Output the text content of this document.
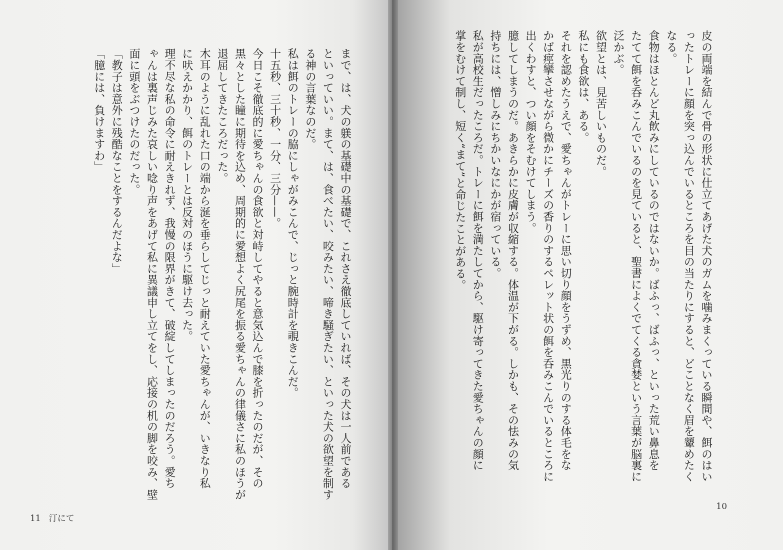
まで、は、犬の躾の基礎中の基礎で、これさえ徹底していれば、その犬は一人前である
といっていい。まて、は、食べたい、咬みたい、啼き騒ぎたい、といった犬の欲望を制す
る神の言葉なのだ。
私は餌のトレーの脇にしゃがみこんで、じっと腕時計を覗きこんだ。
十五秒、三十秒、一分、三分——。
今日こそ徹底的に愛ちゃんの食欲と対峙してやると意気込んで膝を折ったのだが、その
黒々とした瞳に期待を込め、周期的に愛想よく尻尾を振る愛ちゃんの律儀さに私のほうが
退屈してきたころだった。
木耳のように乱れた口の端から涎を垂らしてじっと耐えていた愛ちゃんが、いきなり私
に吠えかかり、餌のトレーとは反対のほうに駆け去った。
理不尽な私の命令に耐えきれず、我慢の限界がきて、破綻してしまったのだろう。愛ち
ゃんは裏声じみた哀しい唸り声をあげて私に異議申し立てをし、応接の机の脚を咬み、壁
面に頭をぶつけたのだった。
「教子は意外に残酷なことをするんだよな」
「臆には、負けますわ」
11 汀にて
皮の両端を結んで骨の形状に仕立てあげた犬のガムを噛みまくっている瞬間や、餌のはい
ったトレーに顔を突っ込んでいるところを目の当たりにすると、どことなく眉を顰めたく
なる。
食物はほとんど丸飲みにしているのではないか。ばふっ、ばふっ、といった荒い鼻息を
たてて餌を呑みこんでいるのを見ていると、聖書によくでてくる貪婪という言葉が脳裏に
泛かぶ。
欲望とは、見苦しいものだ。
私にも食欲は、ある。
それを認めたうえで、愛ちゃんがトレーに思い切り顔をうずめ、黒光りのする体毛をな
かば痙攣させながら微かにチーズの香りのするペレット状の餌を呑みこんでいるところに
出くわすと、つい顔をそむけてしまう。
臆してしまうのだ。あきらかに皮膚が収縮する。体温が下がる。しかも、その怯みの気
持ちには、憎しみにちかいなにかが宿っている。
私が高校生だったころだ。トレーに餌を満たしてから、駆け寄ってきた愛ちゃんの顔に
掌をむけて制し、短く“まて”と命じたことがある。
10
